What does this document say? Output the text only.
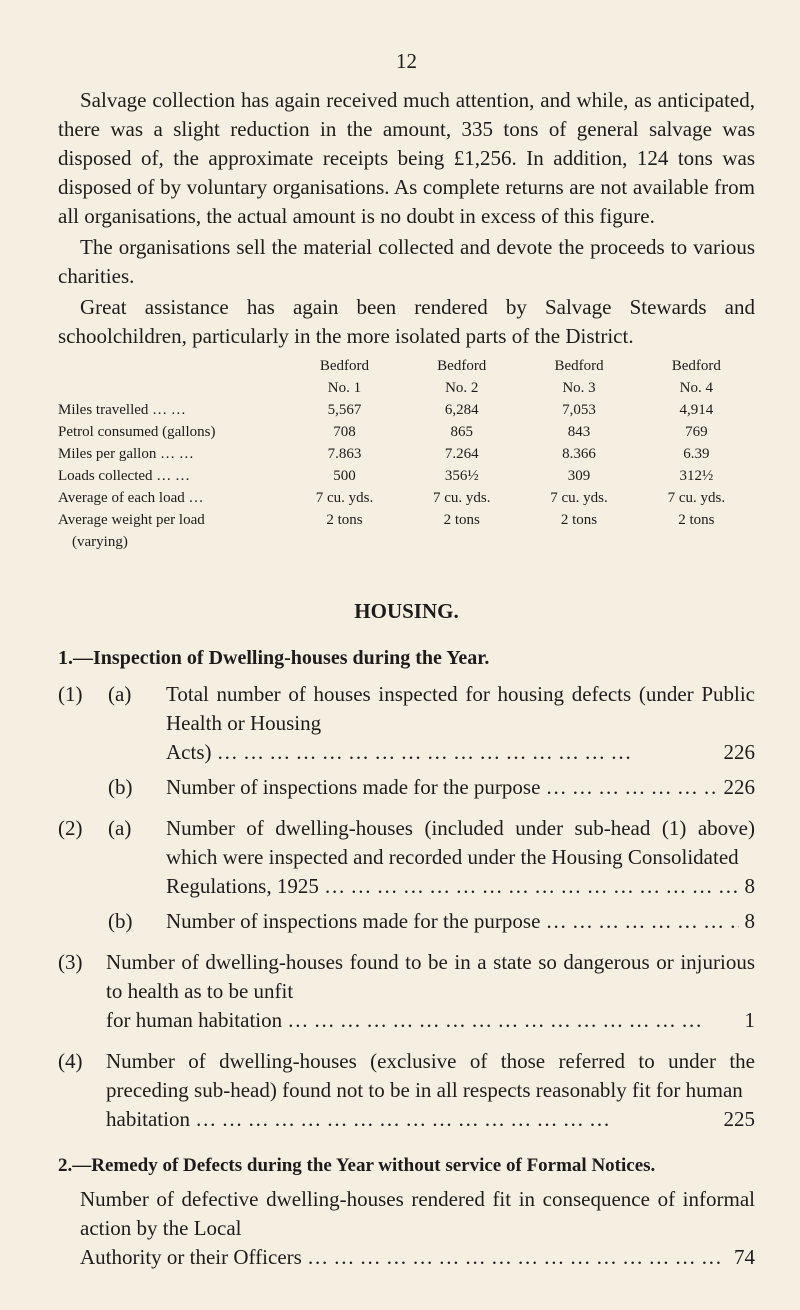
12

Salvage collection has again received much attention, and while, as anticipated, there was a slight reduction in the amount, 335 tons of general salvage was disposed of, the approximate receipts being £1,256. In addition, 124 tons was disposed of by voluntary organisations. As complete returns are not available from all organisations, the actual amount is no doubt in excess of this figure.

The organisations sell the material collected and devote the proceeds to various charities.

Great assistance has again been rendered by Salvage Stewards and schoolchildren, particularly in the more isolated parts of the District.

	Bedford	Bedford	Bedford	Bedford
	No. 1	No. 2	No. 3	No. 4
Miles travelled … …	5,567	6,284	7,053	4,914
Petrol consumed (gallons)	708	865	843	769
Miles per gallon … …	7.863	7.264	8.366	6.39
Loads collected … …	500	356½	309	312½
Average of each load …	7 cu. yds.	7 cu. yds.	7 cu. yds.	7 cu. yds.
Average weight per load	2 tons	2 tons	2 tons	2 tons
(varying)				
HOUSING.
1.—Inspection of Dwelling-houses during the Year.
(1) (a) Total number of houses inspected for housing defects (under Public Health or Housing
Acts) … … … … … … … … … … … … … … … …	226
(b) Number of inspections made for the purpose … … … … … … … … … … … … … … … …	226
(2) (a) Number of dwelling-houses (included under sub-head (1) above) which were inspected and recorded under the Housing Consolidated
Regulations, 1925 … … … … … … … … … … … … … … … …	8
(b) Number of inspections made for the purpose … … … … … … … … … … … … … … … …	8
(3) Number of dwelling-houses found to be in a state so dangerous or injurious to health as to be unfit
for human habitation … … … … … … … … … … … … … … … …	1
(4) Number of dwelling-houses (exclusive of those referred to under the preceding sub-head) found not to be in all respects reasonably fit for human
habitation … … … … … … … … … … … … … … … …	225
2.—Remedy of Defects during the Year without service of Formal Notices.
Number of defective dwelling-houses rendered fit in consequence of informal action by the Local
Authority or their Officers … … … … … … … … … … … … … … … …	74
